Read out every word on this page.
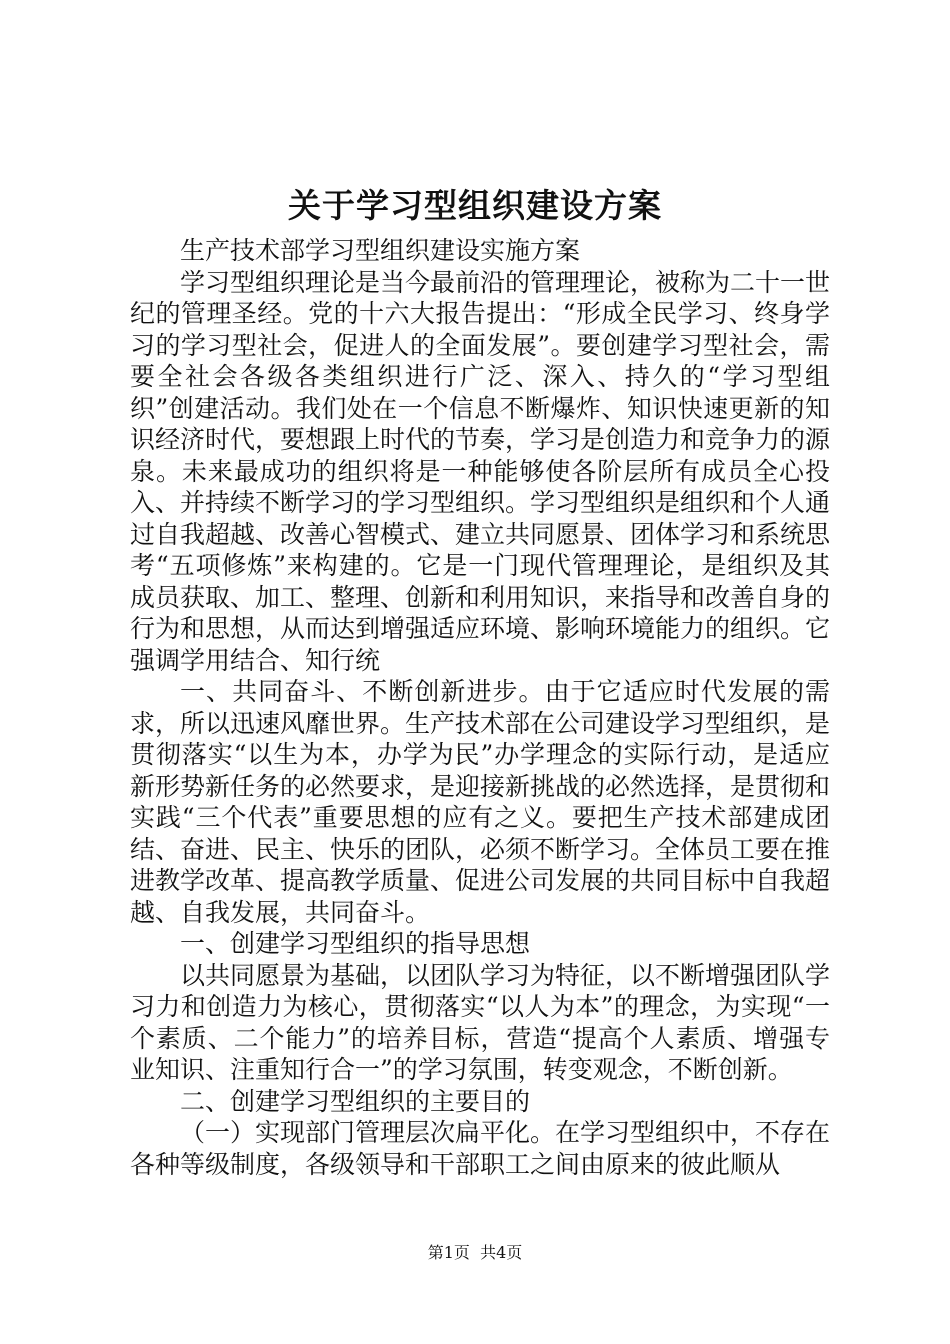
关于学习型组织建设方案

生产技术部学习型组织建设实施方案

学习型组织理论是当今最前沿的管理理论，被称为二十一世纪的管理圣经。党的十六大报告提出：“形成全民学习、终身学习的学习型社会，促进人的全面发展”。要创建学习型社会，需要全社会各级各类组织进行广泛、深入、持久的“学习型组织”创建活动。我们处在一个信息不断爆炸、知识快速更新的知识经济时代，要想跟上时代的节奏，学习是创造力和竞争力的源泉。未来最成功的组织将是一种能够使各阶层所有成员全心投入、并持续不断学习的学习型组织。学习型组织是组织和个人通过自我超越、改善心智模式、建立共同愿景、团体学习和系统思考“五项修炼”来构建的。它是一门现代管理理论，是组织及其成员获取、加工、整理、创新和利用知识，来指导和改善自身的行为和思想，从而达到增强适应环境、影响环境能力的组织。它强调学用结合、知行统

一、共同奋斗、不断创新进步。由于它适应时代发展的需求，所以迅速风靡世界。生产技术部在公司建设学习型组织，是贯彻落实“以生为本，办学为民”办学理念的实际行动，是适应新形势新任务的必然要求，是迎接新挑战的必然选择，是贯彻和实践“三个代表”重要思想的应有之义。要把生产技术部建成团结、奋进、民主、快乐的团队，必须不断学习。全体员工要在推进教学改革、提高教学质量、促进公司发展的共同目标中自我超越、自我发展，共同奋斗。

一、创建学习型组织的指导思想

以共同愿景为基础，以团队学习为特征，以不断增强团队学习力和创造力为核心，贯彻落实“以人为本”的理念，为实现“一个素质、二个能力”的培养目标，营造“提高个人素质、增强专业知识、注重知行合一”的学习氛围，转变观念，不断创新。

二、创建学习型组织的主要目的

（一）实现部门管理层次扁平化。在学习型组织中，不存在各种等级制度，各级领导和干部职工之间由原来的彼此顺从

第1页 共4页
